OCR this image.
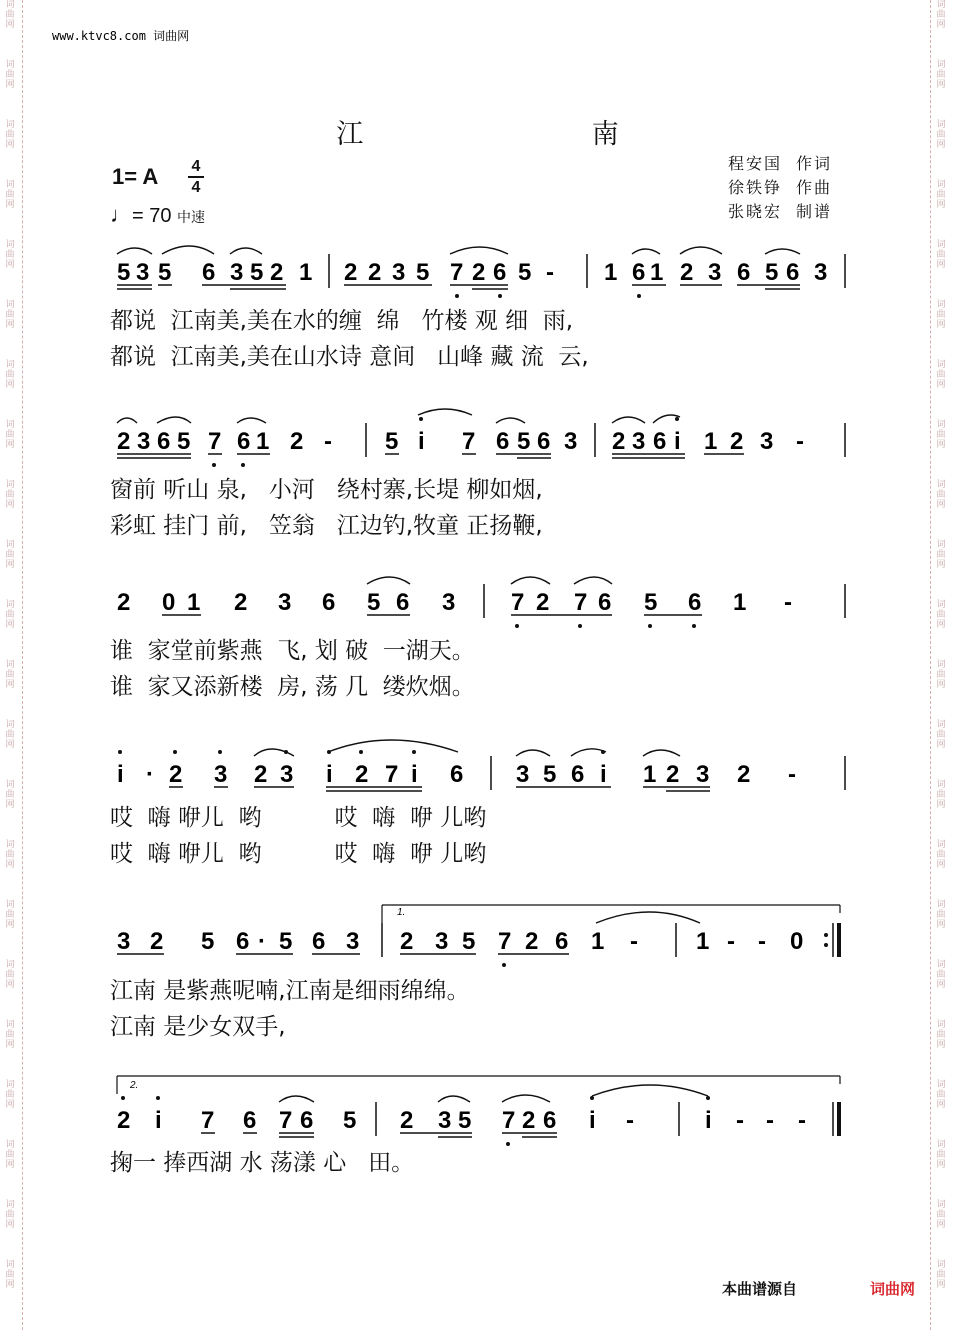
词曲网
词曲网
词曲网
词曲网
词曲网
词曲网
词曲网
词曲网
词曲网
词曲网
词曲网
词曲网
词曲网
词曲网
词曲网
词曲网
词曲网
词曲网
词曲网
词曲网
词曲网
词曲网
词曲网
词曲网
词曲网
词曲网
词曲网
词曲网
词曲网
词曲网
词曲网
词曲网
词曲网
词曲网
词曲网
词曲网
词曲网
词曲网
词曲网
词曲网
词曲网
词曲网
词曲网
词曲网
www.ktvc8.com 词曲网
江 南
1= A 4
4
♩= 70 中速
程安国 作词
徐铁铮 作曲
张晓宏 制谱
5 3 5 6 3 5 2 1 2 2 3 5 7 2 6 5 - 1 6 1 2 3 6 5 6 3
都说  江南美,美在水的缠  绵   竹楼 观 细  雨,
都说  江南美,美在山水诗 意间   山峰 藏 流  云,
2 3 6 5 7 6 1 2 - 5 i 7 6 5 6 3 2 3 6 i 1 2 3 -
窗前 听山 泉,   小河   绕村寨,长堤 柳如烟,
彩虹 挂门 前,   笠翁   江边钓,牧童 正扬鞭,
2 0 1 2 3 6 5 6 3 7 2 7 6 5 6 1 -
谁  家堂前紫燕  飞, 划 破  一湖天。
谁  家又添新楼  房, 荡 几  缕炊烟。
i · 2 3 2 3 i 2 7 i 6 3 5 6 i 1 2 3 2 -
哎  嗨 咿儿  哟          哎  嗨  咿 儿哟
哎  嗨 咿儿  哟          哎  嗨  咿 儿哟
3 2 5 6 · 5 6 3
1.
2 3 5 7 2 6 1 - 1 - - 0
江南 是紫燕呢喃,江南是细雨绵绵。
江南 是少女双手,
2.
2 i 7 6 7 6 5 2 3 5 7 2 6 i -	i - - -
掬一 捧西湖 水 荡漾 心   田。
本曲谱源自	词曲网
